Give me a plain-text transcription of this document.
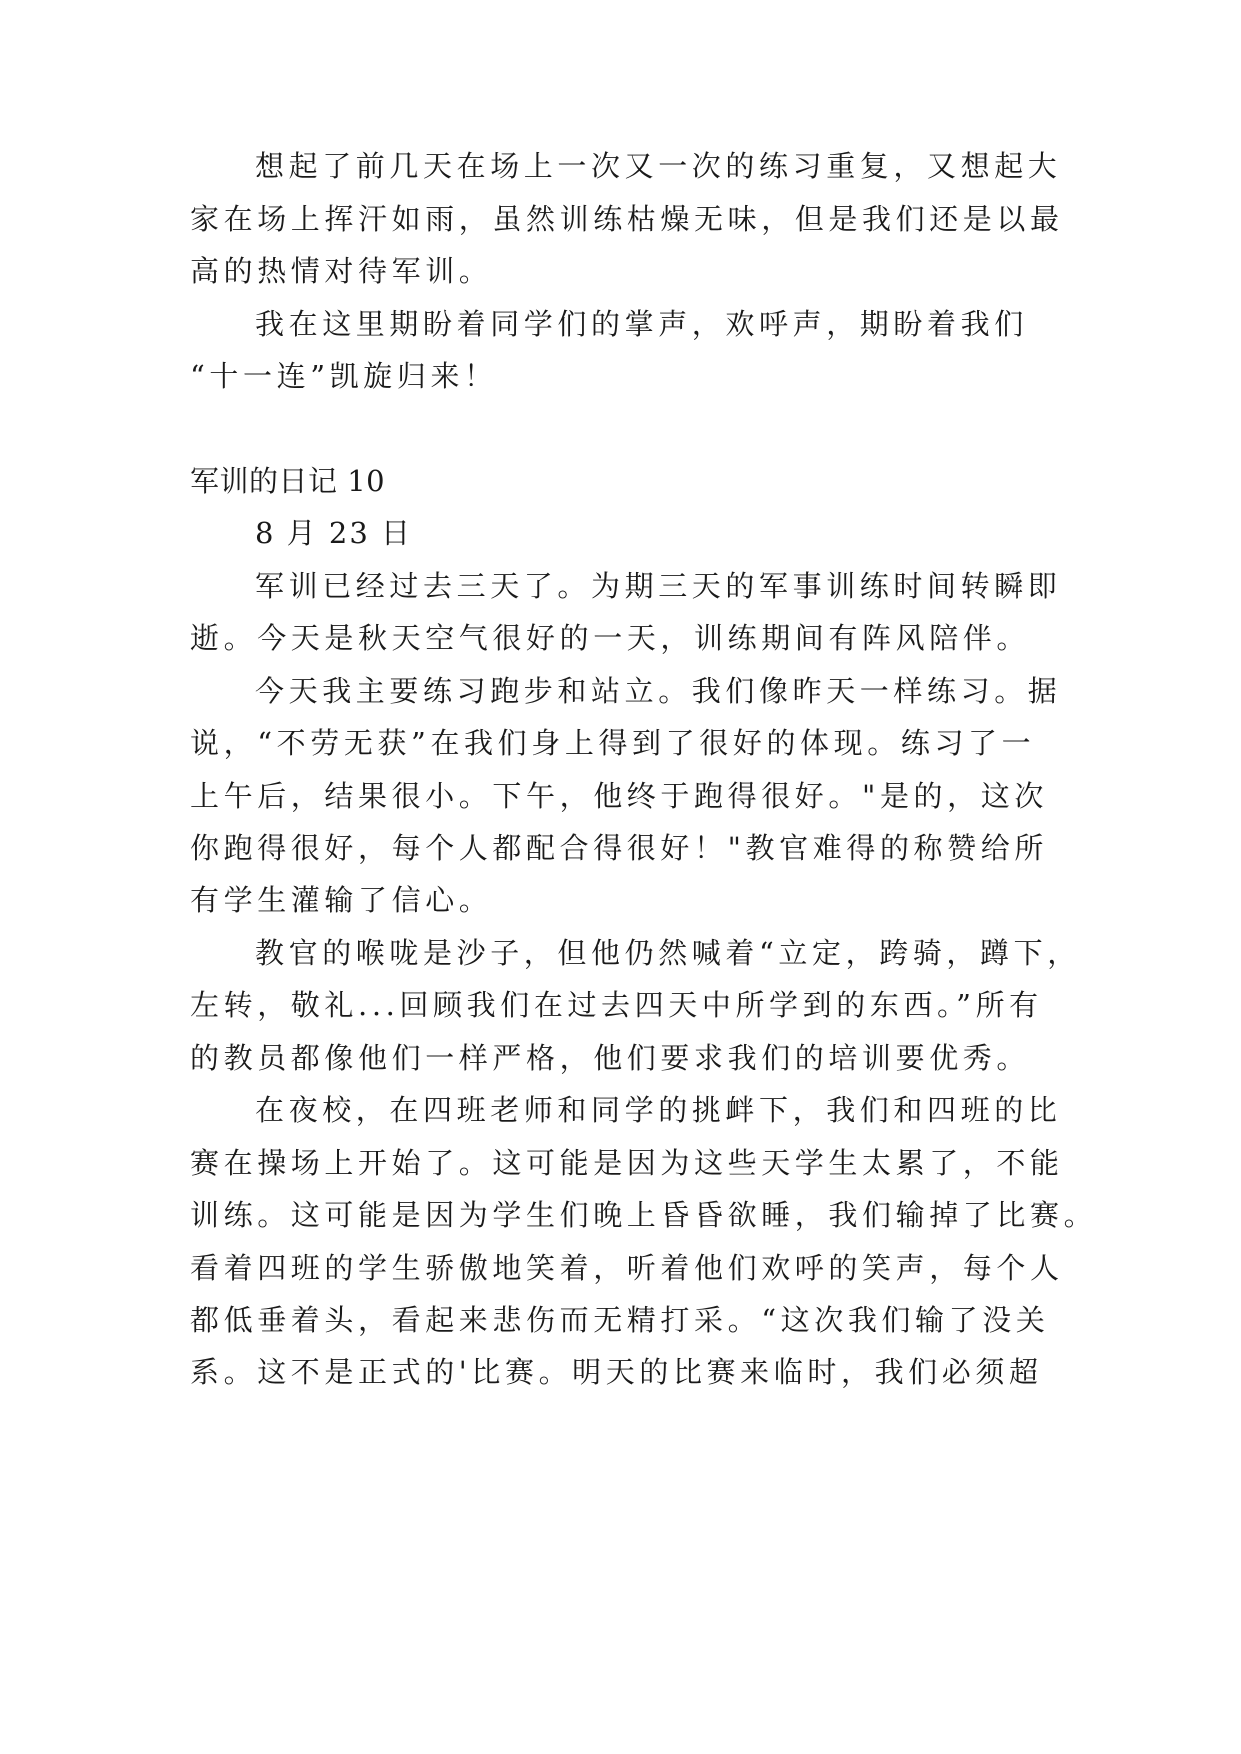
想起了前几天在场上一次又一次的练习重复，又想起大
家在场上挥汗如雨，虽然训练枯燥无味，但是我们还是以最
高的热情对待军训。
我在这里期盼着同学们的掌声，欢呼声，期盼着我们
“十一连”凯旋归来！
军训的日记 10
8 月 23 日
军训已经过去三天了。为期三天的军事训练时间转瞬即
逝。今天是秋天空气很好的一天，训练期间有阵风陪伴。
今天我主要练习跑步和站立。我们像昨天一样练习。据
说，“不劳无获”在我们身上得到了很好的体现。练习了一
上午后，结果很小。下午，他终于跑得很好。"是的，这次
你跑得很好，每个人都配合得很好！"教官难得的称赞给所
有学生灌输了信心。
教官的喉咙是沙子，但他仍然喊着“立定，跨骑，蹲下，
左转，敬礼...回顾我们在过去四天中所学到的东西。”所有
的教员都像他们一样严格，他们要求我们的培训要优秀。
在夜校，在四班老师和同学的挑衅下，我们和四班的比
赛在操场上开始了。这可能是因为这些天学生太累了，不能
训练。这可能是因为学生们晚上昏昏欲睡，我们输掉了比赛。
看着四班的学生骄傲地笑着，听着他们欢呼的笑声，每个人
都低垂着头，看起来悲伤而无精打采。“这次我们输了没关
系。这不是正式的'比赛。明天的比赛来临时，我们必须超
